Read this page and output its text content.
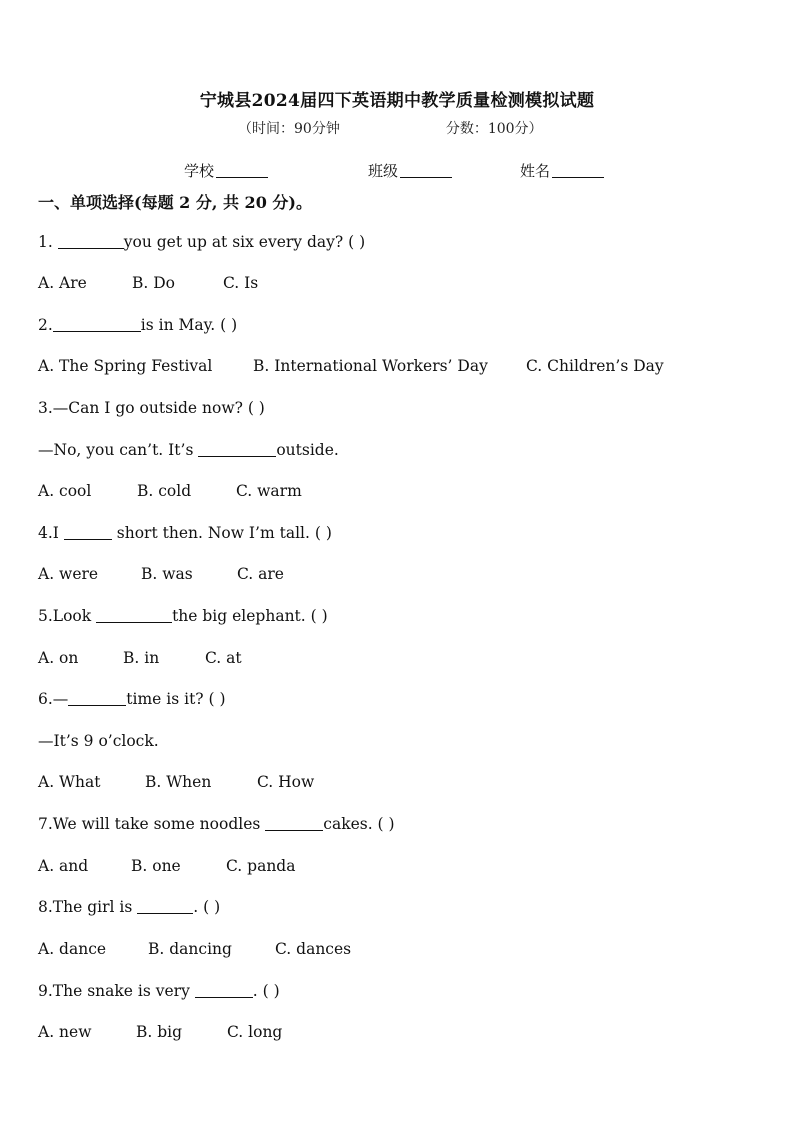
宁城县2024届四下英语期中教学质量检测模拟试题
（时间：90分钟	分数：100分）
学校	班级	姓名
一、单项选择(每题 2 分, 共 20 分)。
1.	you get up at six every day? ( )
A. Are	B. Do	C. Is
2.	is in May. ( )
A. The Spring Festival	B. International Workers’ Day C. Children’s Day
3.—Can I go outside now? ( )
—No, you can’t. It’s	outside.
A. cool	B. cold	C. warm
4.I	short then. Now I’m tall. ( )
A. were	B. was	C. are
5.Look	the big elephant. ( )
A. on	B. in	C. at
6.—	time is it? ( )
—It’s 9 o’clock.
A. What	B. When	C. How
7.We will take some noodles	cakes. ( )
A. and	B. one	C. panda
8.The girl is	. ( )
A. dance	B. dancing	C. dances
9.The snake is very	. ( )
A. new	B. big	C. long
